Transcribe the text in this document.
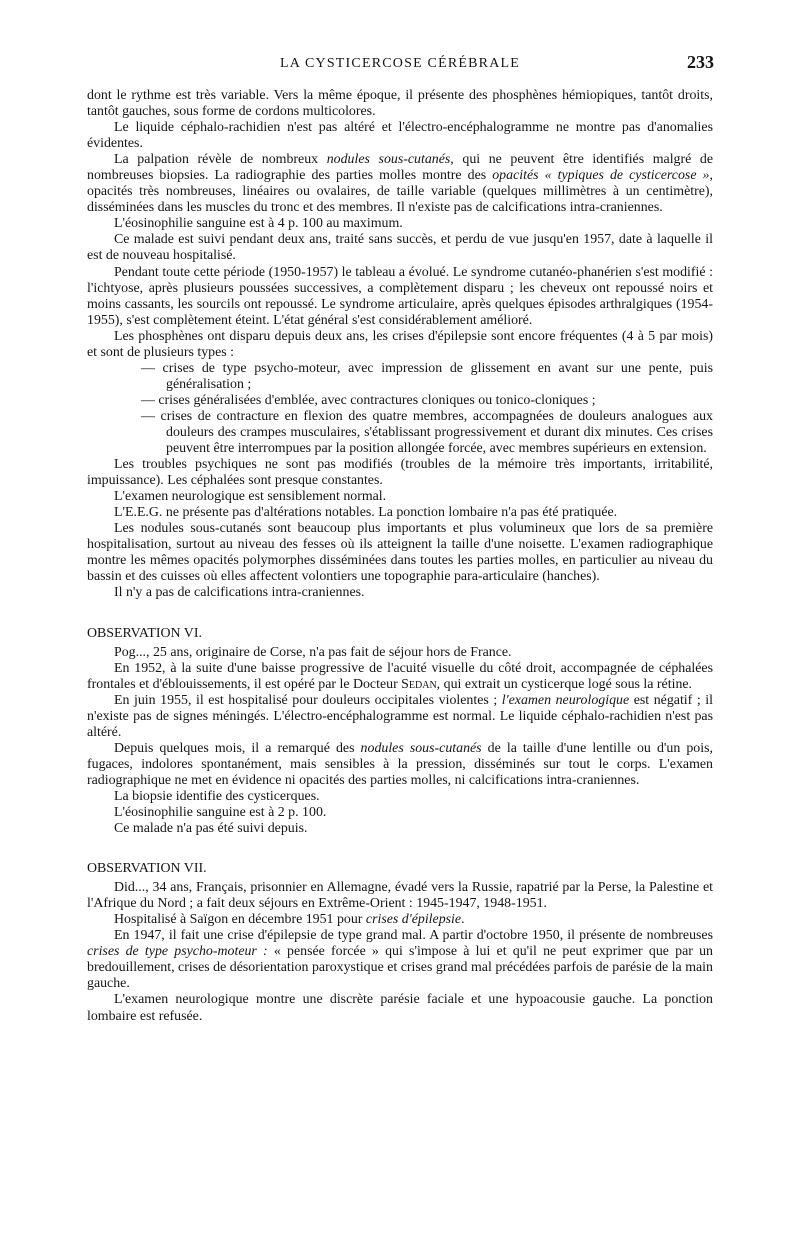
LA CYSTICERCOSE CÉRÉBRALE	233

dont le rythme est très variable. Vers la même époque, il présente des phosphènes hémiopiques, tantôt droits, tantôt gauches, sous forme de cordons multicolores.

Le liquide céphalo-rachidien n'est pas altéré et l'électro-encéphalogramme ne montre pas d'anomalies évidentes.

La palpation révèle de nombreux nodules sous-cutanés, qui ne peuvent être identifiés malgré de nombreuses biopsies. La radiographie des parties molles montre des opacités « typiques de cysticercose », opacités très nombreuses, linéaires ou ovalaires, de taille variable (quelques millimètres à un centimètre), disséminées dans les muscles du tronc et des membres. Il n'existe pas de calcifications intra-craniennes.

L'éosinophilie sanguine est à 4 p. 100 au maximum.

Ce malade est suivi pendant deux ans, traité sans succès, et perdu de vue jusqu'en 1957, date à laquelle il est de nouveau hospitalisé.

Pendant toute cette période (1950-1957) le tableau a évolué. Le syndrome cutanéo-phanérien s'est modifié : l'ichtyose, après plusieurs poussées successives, a complètement disparu ; les cheveux ont repoussé noirs et moins cassants, les sourcils ont repoussé. Le syndrome articulaire, après quelques épisodes arthralgiques (1954-1955), s'est complètement éteint. L'état général s'est considérablement amélioré.

Les phosphènes ont disparu depuis deux ans, les crises d'épilepsie sont encore fréquentes (4 à 5 par mois) et sont de plusieurs types :

— crises de type psycho-moteur, avec impression de glissement en avant sur une pente, puis généralisation ;

— crises généralisées d'emblée, avec contractures cloniques ou tonico-cloniques ;

— crises de contracture en flexion des quatre membres, accompagnées de douleurs analogues aux douleurs des crampes musculaires, s'établissant progressivement et durant dix minutes. Ces crises peuvent être interrompues par la position allongée forcée, avec membres supérieurs en extension.

Les troubles psychiques ne sont pas modifiés (troubles de la mémoire très importants, irritabilité, impuissance). Les céphalées sont presque constantes.

L'examen neurologique est sensiblement normal.

L'E.E.G. ne présente pas d'altérations notables. La ponction lombaire n'a pas été pratiquée.

Les nodules sous-cutanés sont beaucoup plus importants et plus volumineux que lors de sa première hospitalisation, surtout au niveau des fesses où ils atteignent la taille d'une noisette. L'examen radiographique montre les mêmes opacités polymorphes disséminées dans toutes les parties molles, en particulier au niveau du bassin et des cuisses où elles affectent volontiers une topographie para-articulaire (hanches).

Il n'y a pas de calcifications intra-craniennes.

OBSERVATION VI.

Pog..., 25 ans, originaire de Corse, n'a pas fait de séjour hors de France.

En 1952, à la suite d'une baisse progressive de l'acuité visuelle du côté droit, accompagnée de céphalées frontales et d'éblouissements, il est opéré par le Docteur Sedan, qui extrait un cysticerque logé sous la rétine.

En juin 1955, il est hospitalisé pour douleurs occipitales violentes ; l'examen neurologique est négatif ; il n'existe pas de signes méningés. L'électro-encéphalogramme est normal. Le liquide céphalo-rachidien n'est pas altéré.

Depuis quelques mois, il a remarqué des nodules sous-cutanés de la taille d'une lentille ou d'un pois, fugaces, indolores spontanément, mais sensibles à la pression, disséminés sur tout le corps. L'examen radiographique ne met en évidence ni opacités des parties molles, ni calcifications intra-craniennes.

La biopsie identifie des cysticerques.

L'éosinophilie sanguine est à 2 p. 100.

Ce malade n'a pas été suivi depuis.

OBSERVATION VII.

Did..., 34 ans, Français, prisonnier en Allemagne, évadé vers la Russie, rapatrié par la Perse, la Palestine et l'Afrique du Nord ; a fait deux séjours en Extrême-Orient : 1945-1947, 1948-1951.

Hospitalisé à Saïgon en décembre 1951 pour crises d'épilepsie.

En 1947, il fait une crise d'épilepsie de type grand mal. A partir d'octobre 1950, il présente de nombreuses crises de type psycho-moteur : « pensée forcée » qui s'impose à lui et qu'il ne peut exprimer que par un bredouillement, crises de désorientation paroxystique et crises grand mal précédées parfois de parésie de la main gauche.

L'examen neurologique montre une discrète parésie faciale et une hypoacousie gauche. La ponction lombaire est refusée.
